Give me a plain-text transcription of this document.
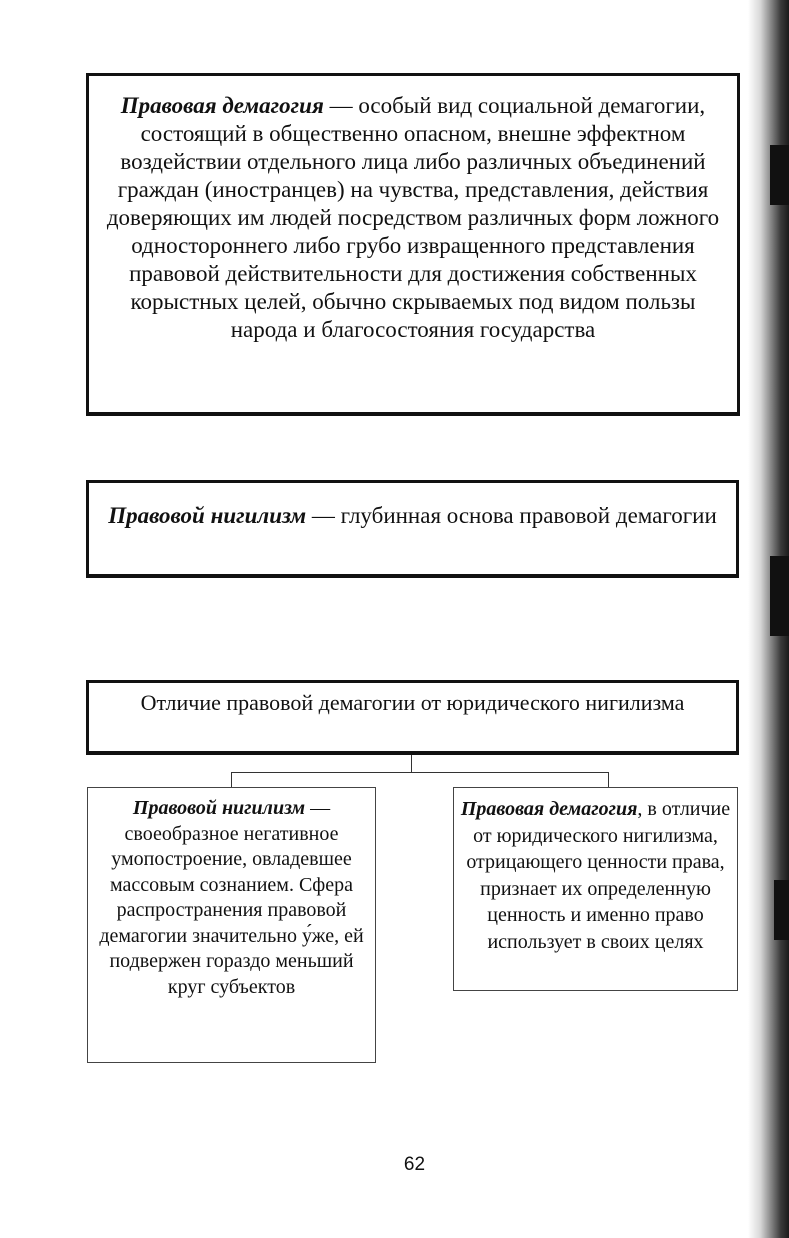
Правовая демагогия — особый вид социальной демагогии, состоящий в общественно опасном, внешне эффектном воздействии отдельного лица либо различных объединений граждан (иностранцев) на чувства, представления, действия доверяющих им людей посредством различных форм ложного одностороннего либо грубо извращенного представления правовой действительности для достижения собственных корыстных целей, обычно скрываемых под видом пользы народа и благосостояния государства
Правовой нигилизм — глубинная основа правовой демагогии
Отличие правовой демагогии от юридического нигилизма
Правовой нигилизм — своеобразное негативное умопостроение, овладевшее массовым сознанием. Сфера распространения правовой демагогии значительно у́же, ей подвержен гораздо меньший круг субъектов
Правовая демагогия, в отличие от юридического нигилизма, отрицающего ценности права, признает их определенную ценность и именно право использует в своих целях
62
